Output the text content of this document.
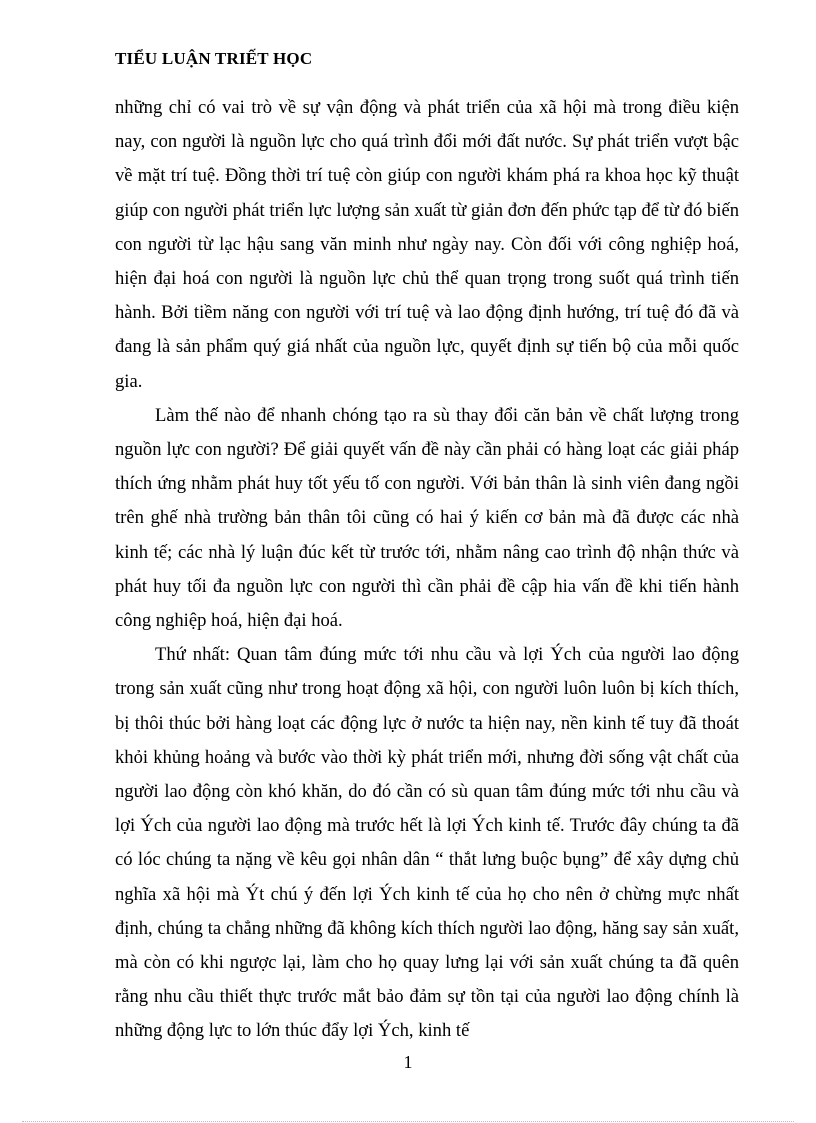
TIỂU LUẬN TRIẾT HỌC

những chỉ có vai trò về sự vận động và phát triển của xã hội mà trong điều kiện nay, con người là nguồn lực cho quá trình đổi mới đất nước. Sự phát triển vượt bậc về mặt trí tuệ. Đồng thời trí tuệ còn giúp con người khám phá ra khoa học kỹ thuật giúp con người phát triển lực lượng sản xuất từ giản đơn đến phức tạp để từ đó biến con người từ lạc hậu sang văn minh như ngày nay. Còn đối với công nghiệp hoá, hiện đại hoá con người là nguồn lực chủ thể quan trọng trong suốt quá trình tiến hành. Bởi tiềm năng con người với trí tuệ và lao động định hướng, trí tuệ đó đã và đang là sản phẩm quý giá nhất của nguồn lực, quyết định sự tiến bộ của mỗi quốc gia.

Làm thế nào để nhanh chóng tạo ra sù thay đổi căn bản về chất lượng trong nguồn lực con người? Để giải quyết vấn đề này cần phải có hàng loạt các giải pháp thích ứng nhằm phát huy tốt yếu tố con người. Với bản thân là sinh viên đang ngồi trên ghế nhà trường bản thân tôi cũng có hai ý kiến cơ bản mà đã được các nhà kinh tế; các nhà lý luận đúc kết từ trước tới, nhằm nâng cao trình độ nhận thức và phát huy tối đa nguồn lực con người thì cần phải đề cập hia vấn đề khi tiến hành công nghiệp hoá, hiện đại hoá.

Thứ nhất: Quan tâm đúng mức tới nhu cầu và lợi Ých của người lao động trong sản xuất cũng như trong hoạt động xã hội, con người luôn luôn bị kích thích, bị thôi thúc bởi hàng loạt các động lực ở nước ta hiện nay, nền kinh tế tuy đã thoát khỏi khủng hoảng và bước vào thời kỳ phát triển mới, nhưng đời sống vật chất của người lao động còn khó khăn, do đó cần có sù quan tâm đúng mức tới nhu cầu và lợi Ých của người lao động mà trước hết là lợi Ých kinh tế. Trước đây chúng ta đã có lóc chúng ta nặng về kêu gọi nhân dân “ thắt lưng buộc bụng” để xây dựng chủ nghĩa xã hội mà Ýt chú ý đến lợi Ých kinh tế của họ cho nên ở chừng mực nhất định, chúng ta chẳng những đã không kích thích người lao động, hăng say sản xuất, mà còn có khi ngược lại, làm cho họ quay lưng lại với sản xuất chúng ta đã quên rằng nhu cầu thiết thực trước mắt bảo đảm sự tồn tại của người lao động chính là những động lực to lớn thúc đẩy lợi Ých, kinh tế

1
